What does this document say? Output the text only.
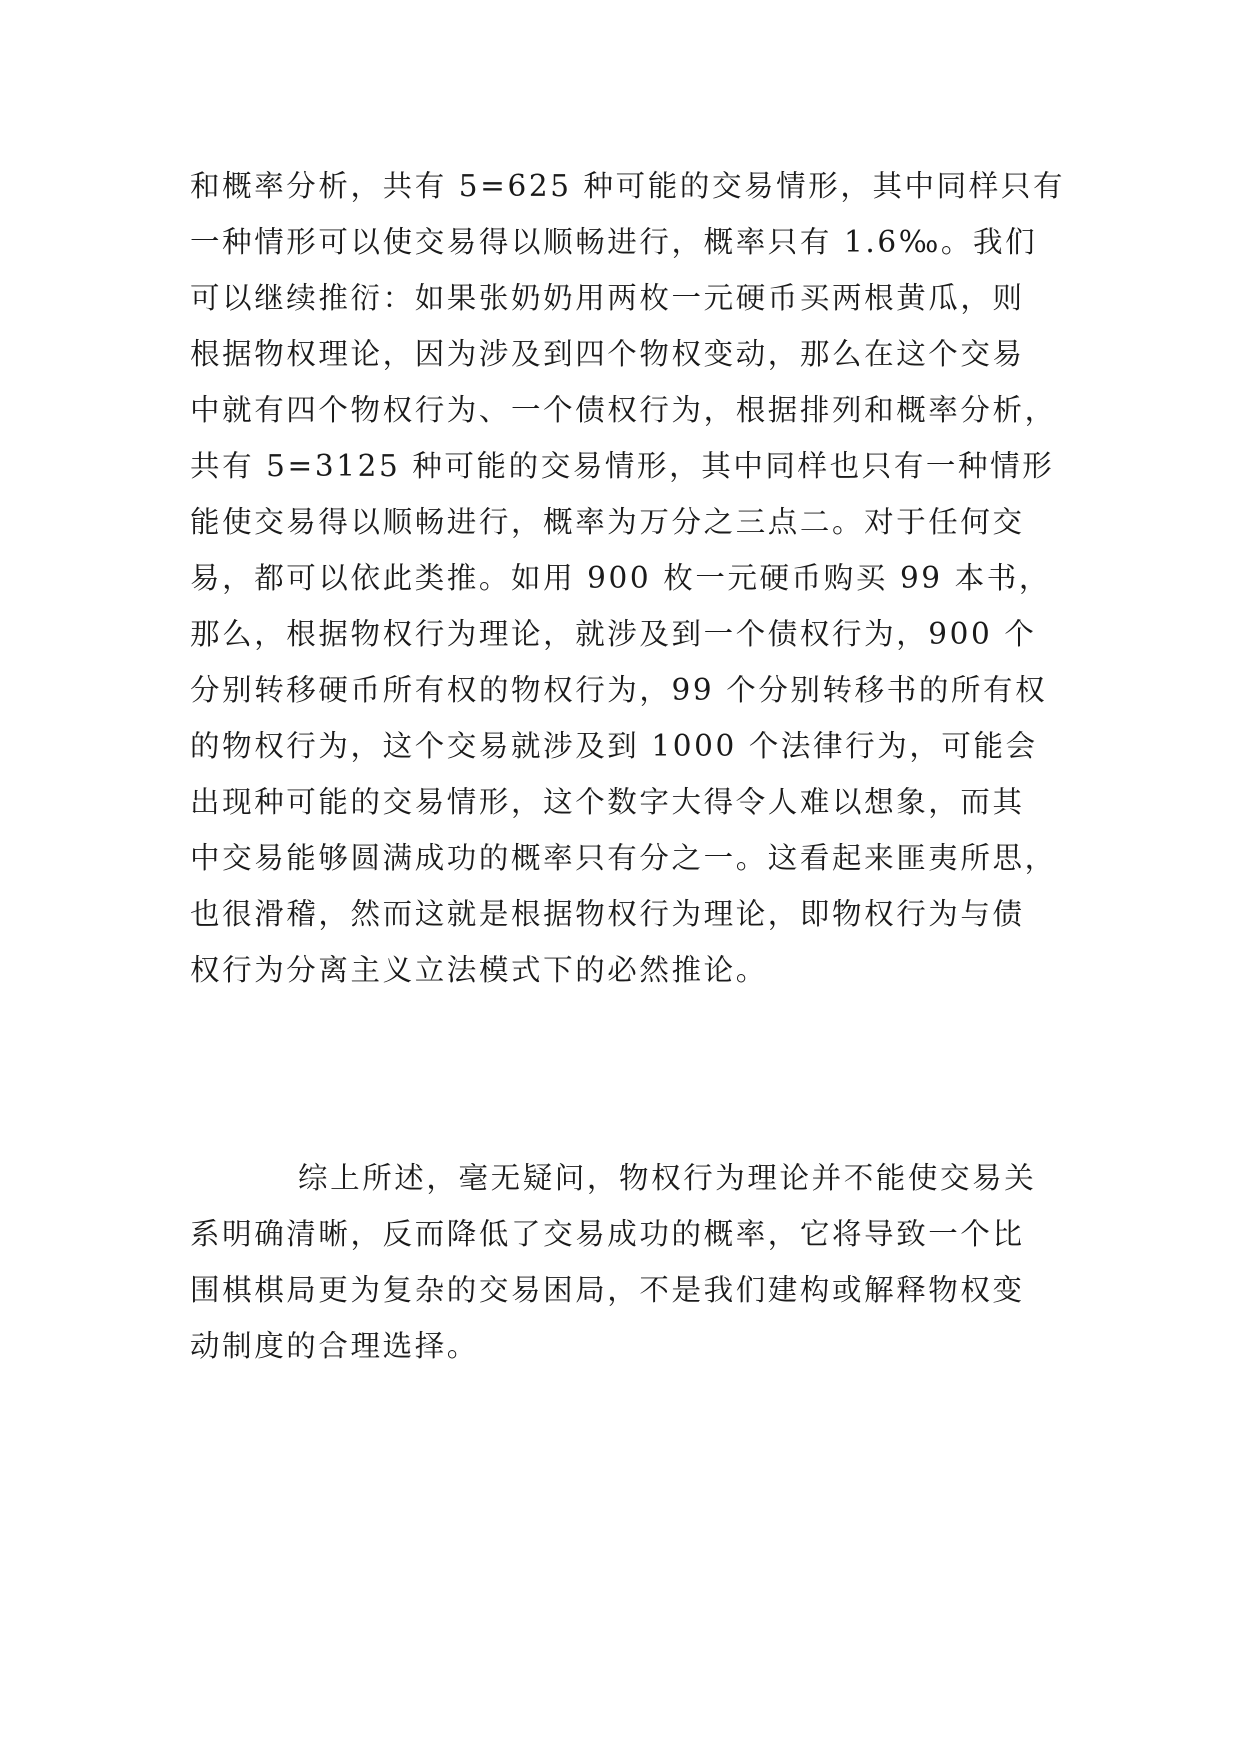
和概率分析，共有 5=625 种可能的交易情形，其中同样只有
一种情形可以使交易得以顺畅进行，概率只有 1.6‰。我们
可以继续推衍：如果张奶奶用两枚一元硬币买两根黄瓜，则
根据物权理论，因为涉及到四个物权变动，那么在这个交易
中就有四个物权行为、一个债权行为，根据排列和概率分析，
共有 5=3125 种可能的交易情形，其中同样也只有一种情形
能使交易得以顺畅进行，概率为万分之三点二。对于任何交
易，都可以依此类推。如用 900 枚一元硬币购买 99 本书，
那么，根据物权行为理论，就涉及到一个债权行为，900 个
分别转移硬币所有权的物权行为，99 个分别转移书的所有权
的物权行为，这个交易就涉及到 1000 个法律行为，可能会
出现种可能的交易情形，这个数字大得令人难以想象，而其
中交易能够圆满成功的概率只有分之一。这看起来匪夷所思，
也很滑稽，然而这就是根据物权行为理论，即物权行为与债
权行为分离主义立法模式下的必然推论。
综上所述，毫无疑问，物权行为理论并不能使交易关
系明确清晰，反而降低了交易成功的概率，它将导致一个比
围棋棋局更为复杂的交易困局，不是我们建构或解释物权变
动制度的合理选择。
